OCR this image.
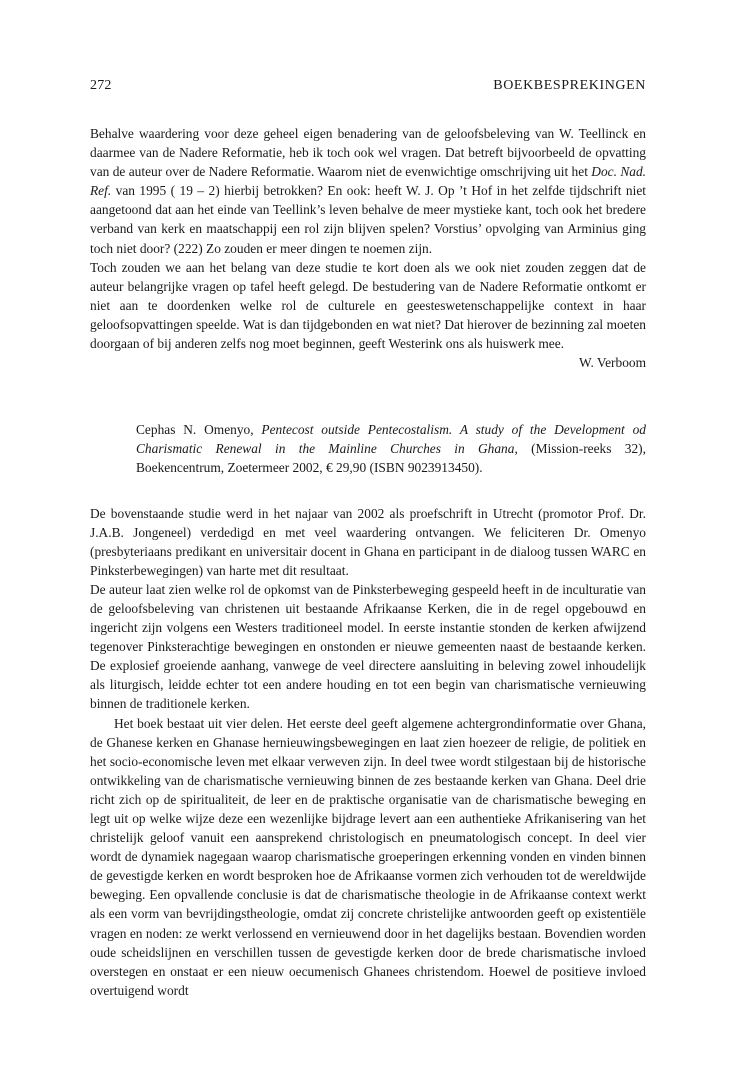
272	BOEKBESPREKINGEN

Behalve waardering voor deze geheel eigen benadering van de geloofsbeleving van W. Teellinck en daarmee van de Nadere Reformatie, heb ik toch ook wel vragen. Dat betreft bijvoorbeeld de opvatting van de auteur over de Nadere Reformatie. Waarom niet de evenwichtige omschrijving uit het Doc. Nad. Ref. van 1995 ( 19 – 2) hierbij betrokken? En ook: heeft W. J. Op ’t Hof in het zelfde tijdschrift niet aangetoond dat aan het einde van Teellink’s leven behalve de meer mystieke kant, toch ook het bredere verband van kerk en maatschappij een rol zijn blijven spelen? Vorstius’ opvolging van Arminius ging toch niet door? (222) Zo zouden er meer dingen te noemen zijn.

Toch zouden we aan het belang van deze studie te kort doen als we ook niet zouden zeggen dat de auteur belangrijke vragen op tafel heeft gelegd. De bestudering van de Nadere Reformatie ontkomt er niet aan te doordenken welke rol de culturele en geesteswetenschappelijke context in haar geloofsopvattingen speelde. Wat is dan tijdgebonden en wat niet? Dat hierover de bezinning zal moeten doorgaan of bij anderen zelfs nog moet beginnen, geeft Westerink ons als huiswerk mee.

W. Verboom

Cephas N. Omenyo, Pentecost outside Pentecostalism. A study of the Development od Charismatic Renewal in the Mainline Churches in Ghana, (Mission-reeks 32), Boekencentrum, Zoetermeer 2002, € 29,90 (ISBN 9023913450).

De bovenstaande studie werd in het najaar van 2002 als proefschrift in Utrecht (promotor Prof. Dr. J.A.B. Jongeneel) verdedigd en met veel waardering ontvangen. We feliciteren Dr. Omenyo (presbyteriaans predikant en universitair docent in Ghana en participant in de dialoog tussen WARC en Pinksterbewegingen) van harte met dit resultaat.

De auteur laat zien welke rol de opkomst van de Pinksterbeweging gespeeld heeft in de inculturatie van de geloofsbeleving van christenen uit bestaande Afrikaanse Kerken, die in de regel opgebouwd en ingericht zijn volgens een Westers traditioneel model. In eerste instantie stonden de kerken afwijzend tegenover Pinksterachtige bewegingen en onstonden er nieuwe gemeenten naast de bestaande kerken. De explosief groeiende aanhang, vanwege de veel directere aansluiting in beleving zowel inhoudelijk als liturgisch, leidde echter tot een andere houding en tot een begin van charismatische vernieuwing binnen de traditionele kerken.

Het boek bestaat uit vier delen. Het eerste deel geeft algemene achtergrondinformatie over Ghana, de Ghanese kerken en Ghanase hernieuwingsbewegingen en laat zien hoezeer de religie, de politiek en het socio-economische leven met elkaar verweven zijn. In deel twee wordt stilgestaan bij de historische ontwikkeling van de charismatische vernieuwing binnen de zes bestaande kerken van Ghana. Deel drie richt zich op de spiritualiteit, de leer en de praktische organisatie van de charismatische beweging en legt uit op welke wijze deze een wezenlijke bijdrage levert aan een authentieke Afrikanisering van het christelijk geloof vanuit een aansprekend christologisch en pneumatologisch concept. In deel vier wordt de dynamiek nagegaan waarop charismatische groeperingen erkenning vonden en vinden binnen de gevestigde kerken en wordt besproken hoe de Afrikaanse vormen zich verhouden tot de wereldwijde beweging. Een opvallende conclusie is dat de charismatische theologie in de Afrikaanse context werkt als een vorm van bevrijdingstheologie, omdat zij concrete christelijke antwoorden geeft op existentiële vragen en noden: ze werkt verlossend en vernieuwend door in het dagelijks bestaan. Bovendien worden oude scheidslijnen en verschillen tussen de gevestigde kerken door de brede charismatische invloed overstegen en onstaat er een nieuw oecumenisch Ghanees christendom. Hoewel de positieve invloed overtuigend wordt
